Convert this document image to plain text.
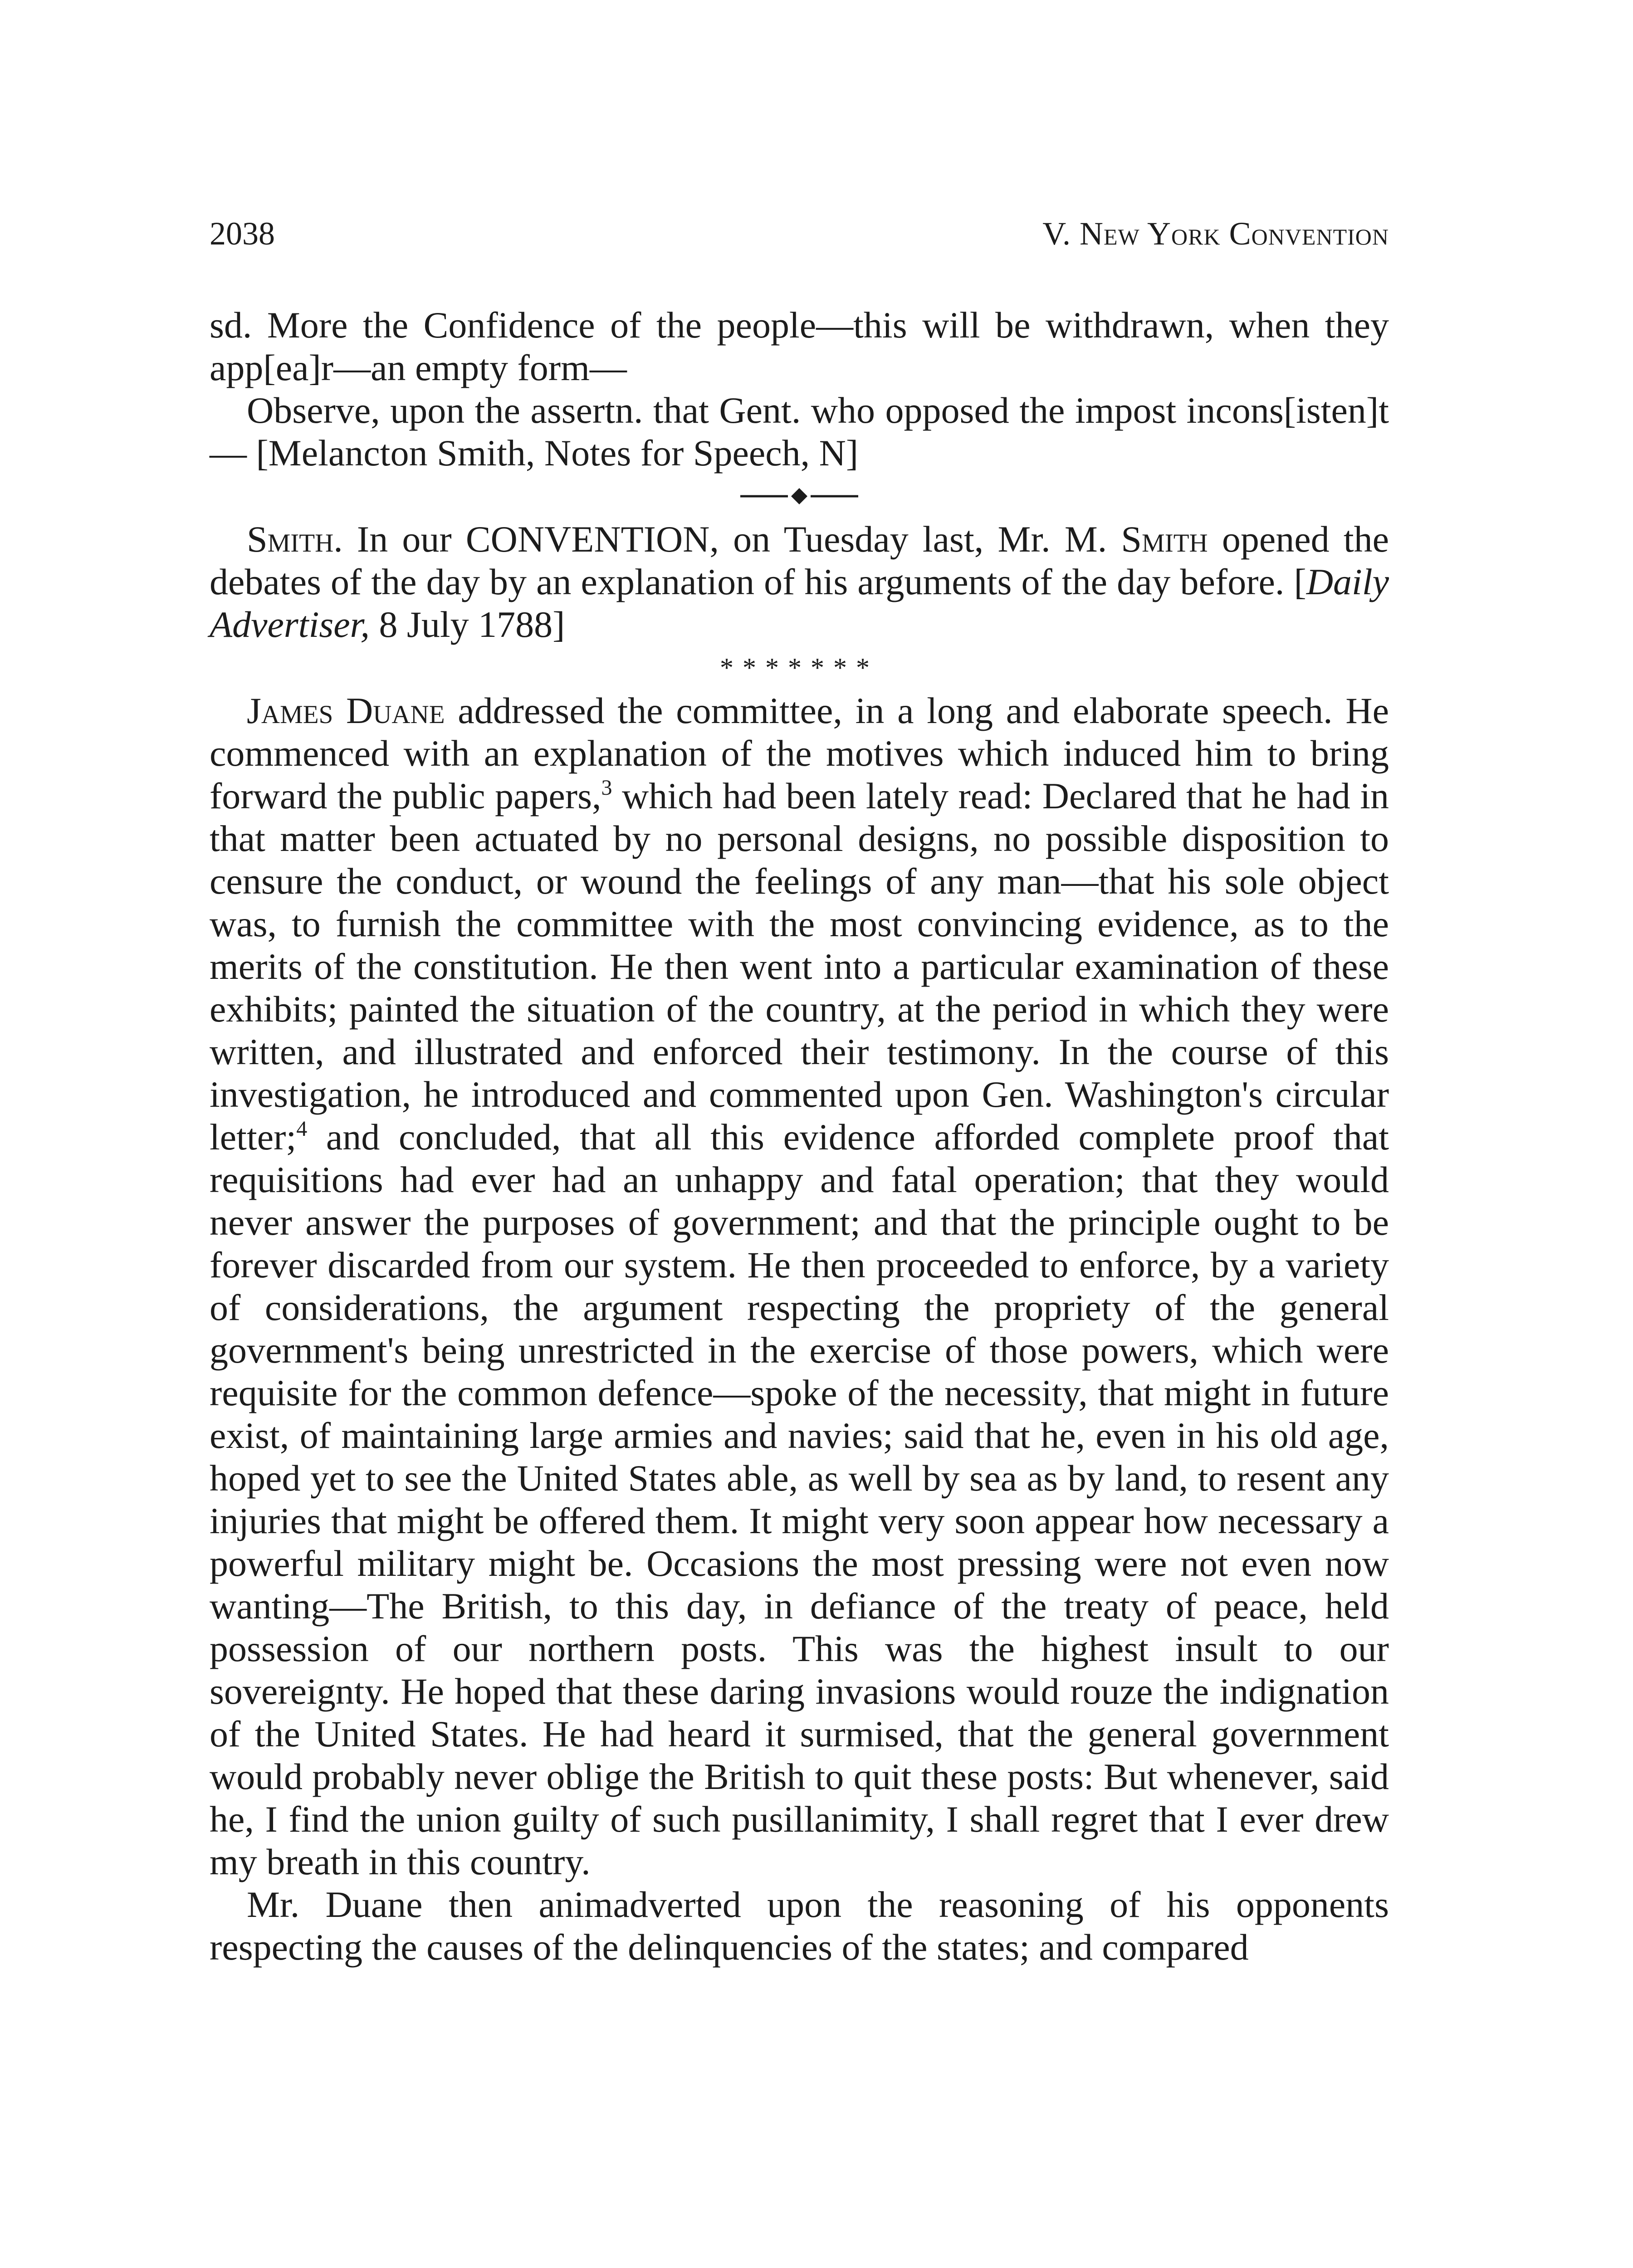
2038	V. New York Convention

sd. More the Confidence of the people—this will be withdrawn, when they app[ea]r—an empty form—

Observe, upon the assertn. that Gent. who opposed the impost incons[isten]t— [Melancton Smith, Notes for Speech, N]

Smith. In our CONVENTION, on Tuesday last, Mr. M. Smith opened the debates of the day by an explanation of his arguments of the day before. [Daily Advertiser, 8 July 1788]

*******

James Duane addressed the committee, in a long and elaborate speech. He commenced with an explanation of the motives which induced him to bring forward the public papers,$^3$ which had been lately read: Declared that he had in that matter been actuated by no personal designs, no possible disposition to censure the conduct, or wound the feelings of any man—that his sole object was, to furnish the committee with the most convincing evidence, as to the merits of the constitution. He then went into a particular examination of these exhibits; painted the situation of the country, at the period in which they were written, and illustrated and enforced their testimony. In the course of this investigation, he introduced and commented upon Gen. Washington's circular letter;$^4$ and concluded, that all this evidence afforded complete proof that requisitions had ever had an unhappy and fatal operation; that they would never answer the purposes of government; and that the principle ought to be forever discarded from our system. He then proceeded to enforce, by a variety of considerations, the argument respecting the propriety of the general government's being unrestricted in the exercise of those powers, which were requisite for the common defence—spoke of the necessity, that might in future exist, of maintaining large armies and navies; said that he, even in his old age, hoped yet to see the United States able, as well by sea as by land, to resent any injuries that might be offered them. It might very soon appear how necessary a powerful military might be. Occasions the most pressing were not even now wanting—The British, to this day, in defiance of the treaty of peace, held possession of our northern posts. This was the highest insult to our sovereignty. He hoped that these daring invasions would rouze the indignation of the United States. He had heard it surmised, that the general government would probably never oblige the British to quit these posts: But whenever, said he, I find the union guilty of such pusillanimity, I shall regret that I ever drew my breath in this country.

Mr. Duane then animadverted upon the reasoning of his opponents respecting the causes of the delinquencies of the states; and compared
